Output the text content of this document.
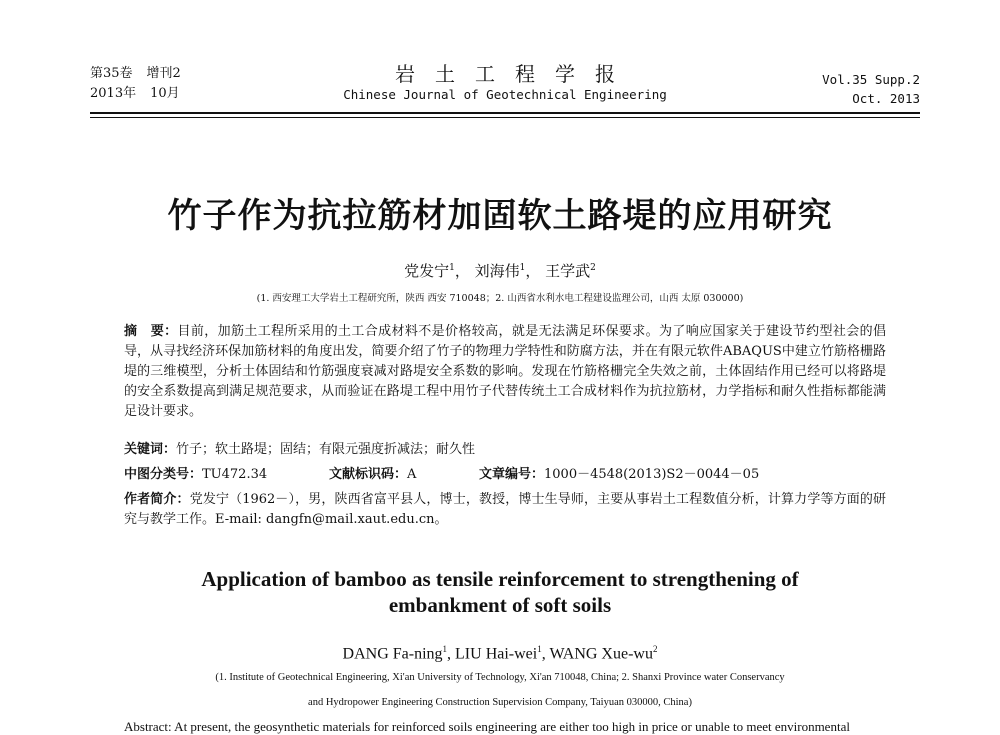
第35卷 增刊2
2013年 10月
岩土工程学报
Chinese Journal of Geotechnical Engineering
Vol.35 Supp.2
Oct. 2013
竹子作为抗拉筋材加固软土路堤的应用研究
党发宁$^1$， 刘海伟$^1$， 王学武$^2$
(1. 西安理工大学岩土工程研究所，陕西 西安 710048；2. 山西省水利水电工程建设监理公司，山西 太原 030000)
摘　要：目前，加筋土工程所采用的土工合成材料不是价格较高，就是无法满足环保要求。为了响应国家关于建设节约型社会的倡导，从寻找经济环保加筋材料的角度出发，简要介绍了竹子的物理力学特性和防腐方法，并在有限元软件ABAQUS中建立竹筋格栅路堤的三维模型，分析土体固结和竹筋强度衰减对路堤安全系数的影响。发现在竹筋格栅完全失效之前，土体固结作用已经可以将路堤的安全系数提高到满足规范要求，从而验证在路堤工程中用竹子代替传统土工合成材料作为抗拉筋材，力学指标和耐久性指标都能满足设计要求。
关键词：竹子；软土路堤；固结；有限元强度折减法；耐久性
中图分类号：TU472.34	文献标识码：A	文章编号：1000－4548(2013)S2－0044－05
作者简介：党发宁（1962－），男，陕西省富平县人，博士，教授，博士生导师，主要从事岩土工程数值分析，计算力学等方面的研究与教学工作。E-mail: dangfn@mail.xaut.edu.cn。
Application of bamboo as tensile reinforcement to strengthening of embankment of soft soils
DANG Fa-ning$^1$, LIU Hai-wei$^1$, WANG Xue-$wu^2$
(1. Institute of Geotechnical Engineering, Xi'an University of Technology, Xi'an 710048, China; 2. Shanxi Province water Conservancy
and Hydropower Engineering Construction Supervision Company, Taiyuan 030000, China)
Abstract: At present, the geosynthetic materials for reinforced soils engineering are either too high in price or unable to meet environmental
